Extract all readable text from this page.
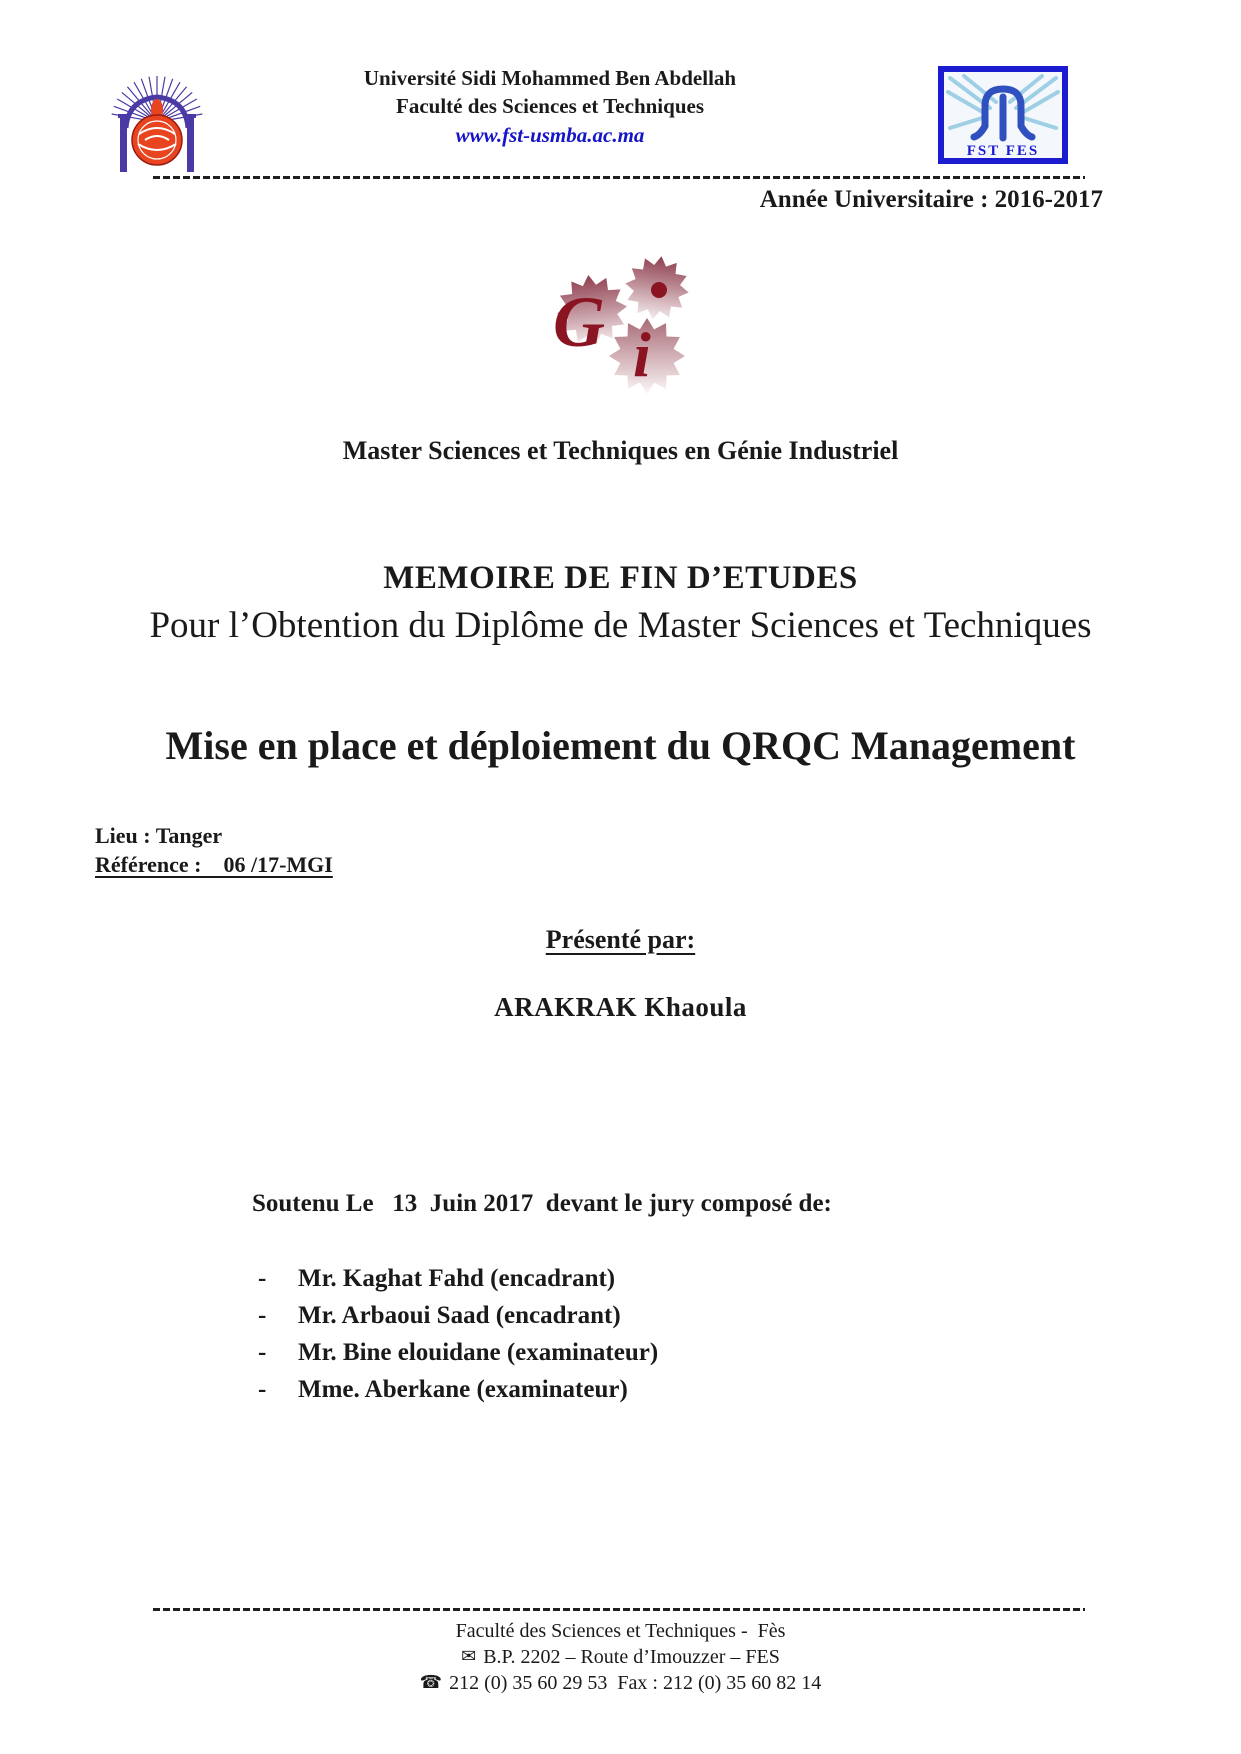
Université Sidi Mohammed Ben Abdellah
Faculté des Sciences et Techniques
www.fst-usmba.ac.ma
FST FES
Année Universitaire : 2016-2017
G i
Master Sciences et Techniques en Génie Industriel
MEMOIRE DE FIN D’ETUDES
Pour l’Obtention du Diplôme de Master Sciences et Techniques
Mise en place et déploiement du QRQC Management
Lieu : Tanger
Référence :    06 /17-MGI
Présenté par:
ARAKRAK Khaoula
Soutenu Le   13  Juin 2017  devant le jury composé de:
-	Mr. Kaghat Fahd (encadrant)
-	Mr. Arbaoui Saad (encadrant)
-	Mr. Bine elouidane (examinateur)
-	Mme. Aberkane (examinateur)
Faculté des Sciences et Techniques -  Fès
✉ B.P. 2202 – Route d’Imouzzer – FES
☎ 212 (0) 35 60 29 53  Fax : 212 (0) 35 60 82 14
